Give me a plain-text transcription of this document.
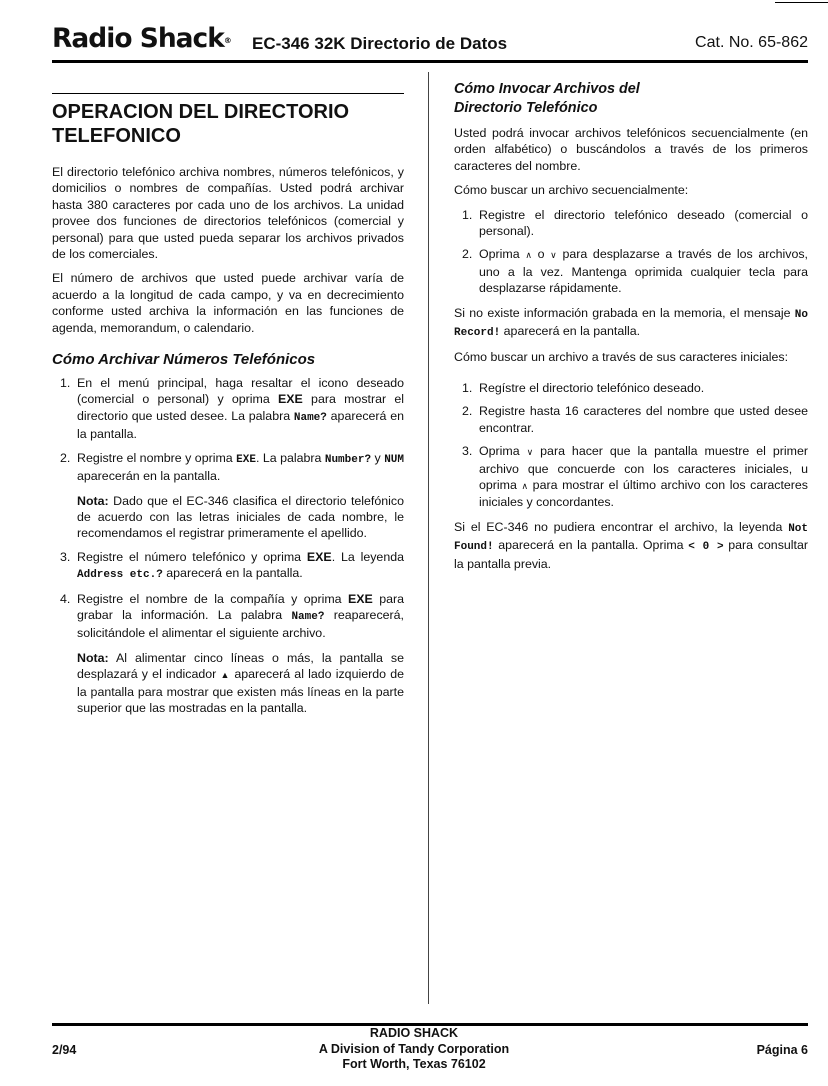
Radio Shack® EC-346 32K Directorio de Datos	Cat. No. 65-862
OPERACION DEL DIRECTORIO
TELEFONICO

El directorio telefónico archiva nombres, números telefónicos, y domicilios o nombres de compañías. Usted podrá archivar hasta 380 caracteres por cada uno de los archivos. La unidad provee dos funciones de directorios telefónicos (comercial y personal) para que usted pueda separar los archivos privados de los comerciales.

El número de archivos que usted puede archivar varía de acuerdo a la longitud de cada campo, y va en decrecimiento conforme usted archiva la información en las funciones de agenda, memorandum, o calendario.

Cómo Archivar Números Telefónicos
1. En el menú principal, haga resaltar el icono deseado (comercial o personal) y oprima EXE para mostrar el directorio que usted desee. La palabra Name? aparecerá en la pantalla.
2. Registre el nombre y oprima EXE. La palabra Number? y NUM aparecerán en la pantalla.

Nota: Dado que el EC-346 clasifica el directorio telefónico de acuerdo con las letras iniciales de cada nombre, le recomendamos el registrar primeramente el apellido.

3. Registre el número telefónico y oprima EXE. La leyenda Address etc.? aparecerá en la pantalla.
4. Registre el nombre de la compañía y oprima EXE para grabar la información. La palabra Name? reaparecerá, solicitándole el alimentar el siguiente archivo.

Nota: Al alimentar cinco líneas o más, la pantalla se desplazará y el indicador ▲ aparecerá al lado izquierdo de la pantalla para mostrar que existen más líneas en la parte superior que las mostradas en la pantalla.

Cómo Invocar Archivos del
Directorio Telefónico

Usted podrá invocar archivos telefónicos secuencialmente (en orden alfabético) o buscándolos a través de los primeros caracteres del nombre.

Cómo buscar un archivo secuencialmente:

1. Registre el directorio telefónico deseado (comercial o personal).
2. Oprima ∧ o ∨ para desplazarse a través de los archivos, uno a la vez. Mantenga oprimida cualquier tecla para desplazarse rápidamente.

Si no existe información grabada en la memoria, el mensaje No Record! aparecerá en la pantalla.

Cómo buscar un archivo a través de sus caracteres iniciales:

1. Regístre el directorio telefónico deseado.
2. Registre hasta 16 caracteres del nombre que usted desee encontrar.
3. Oprima ∨ para hacer que la pantalla muestre el primer archivo que concuerde con los caracteres iniciales, u oprima ∧ para mostrar el último archivo con los caracteres iniciales y concordantes.

Si el EC-346 no pudiera encontrar el archivo, la leyenda Not Found! aparecerá en la pantalla. Oprima < 0 > para consultar la pantalla previa.

2/94
RADIO SHACK
A Division of Tandy Corporation
Fort Worth, Texas 76102
Página 6
